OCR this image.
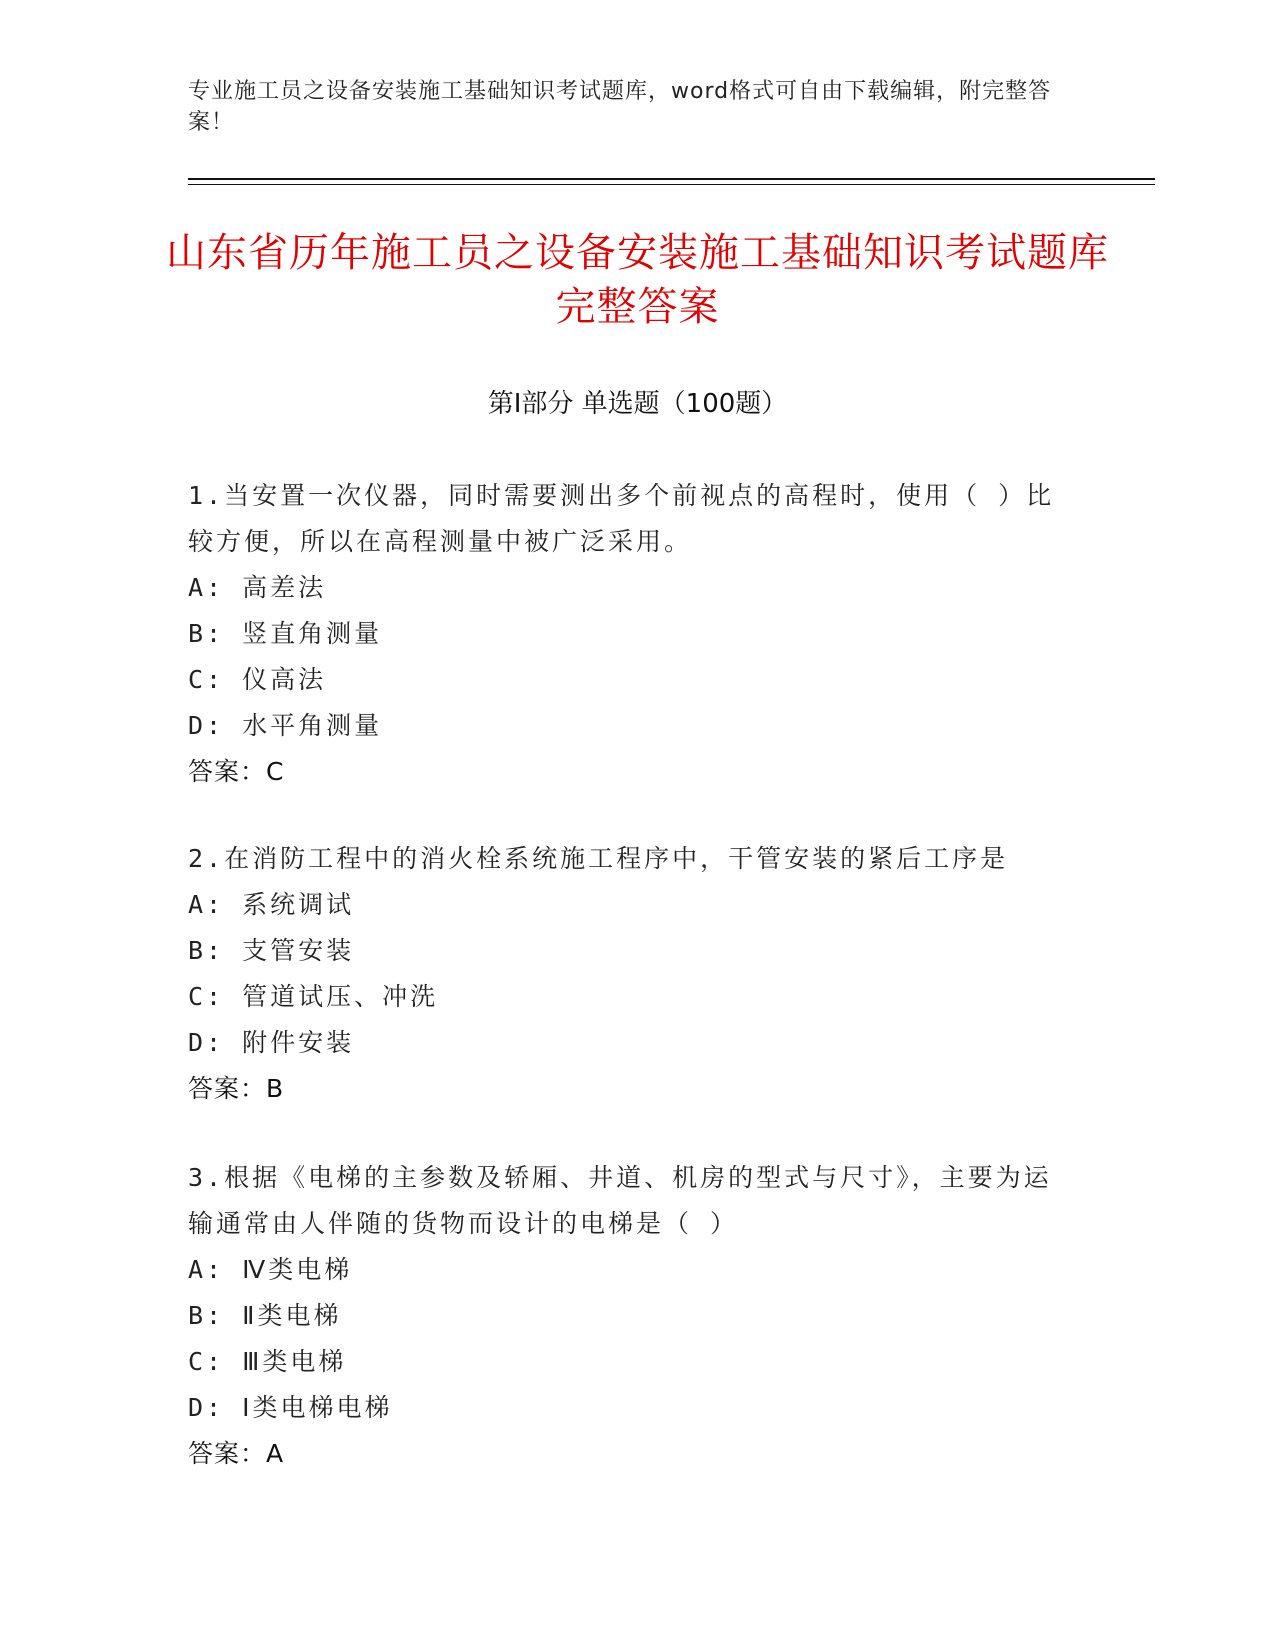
专业施工员之设备安装施工基础知识考试题库，word格式可自由下载编辑，附完整答案！
山东省历年施工员之设备安装施工基础知识考试题库完整答案
第Ⅰ部分 单选题（100题）
1.当安置一次仪器，同时需要测出多个前视点的高程时，使用（ ）比较方便，所以在高程测量中被广泛采用。
A: 高差法
B: 竖直角测量
C: 仪高法
D: 水平角测量
答案：C
2.在消防工程中的消火栓系统施工程序中，干管安装的紧后工序是
A: 系统调试
B: 支管安装
C: 管道试压、冲洗
D: 附件安装
答案：B
3.根据《电梯的主参数及轿厢、井道、机房的型式与尺寸》，主要为运输通常由人伴随的货物而设计的电梯是（ ）
A: Ⅳ类电梯
B: Ⅱ类电梯
C: Ⅲ类电梯
D: Ⅰ类电梯电梯
答案：A
